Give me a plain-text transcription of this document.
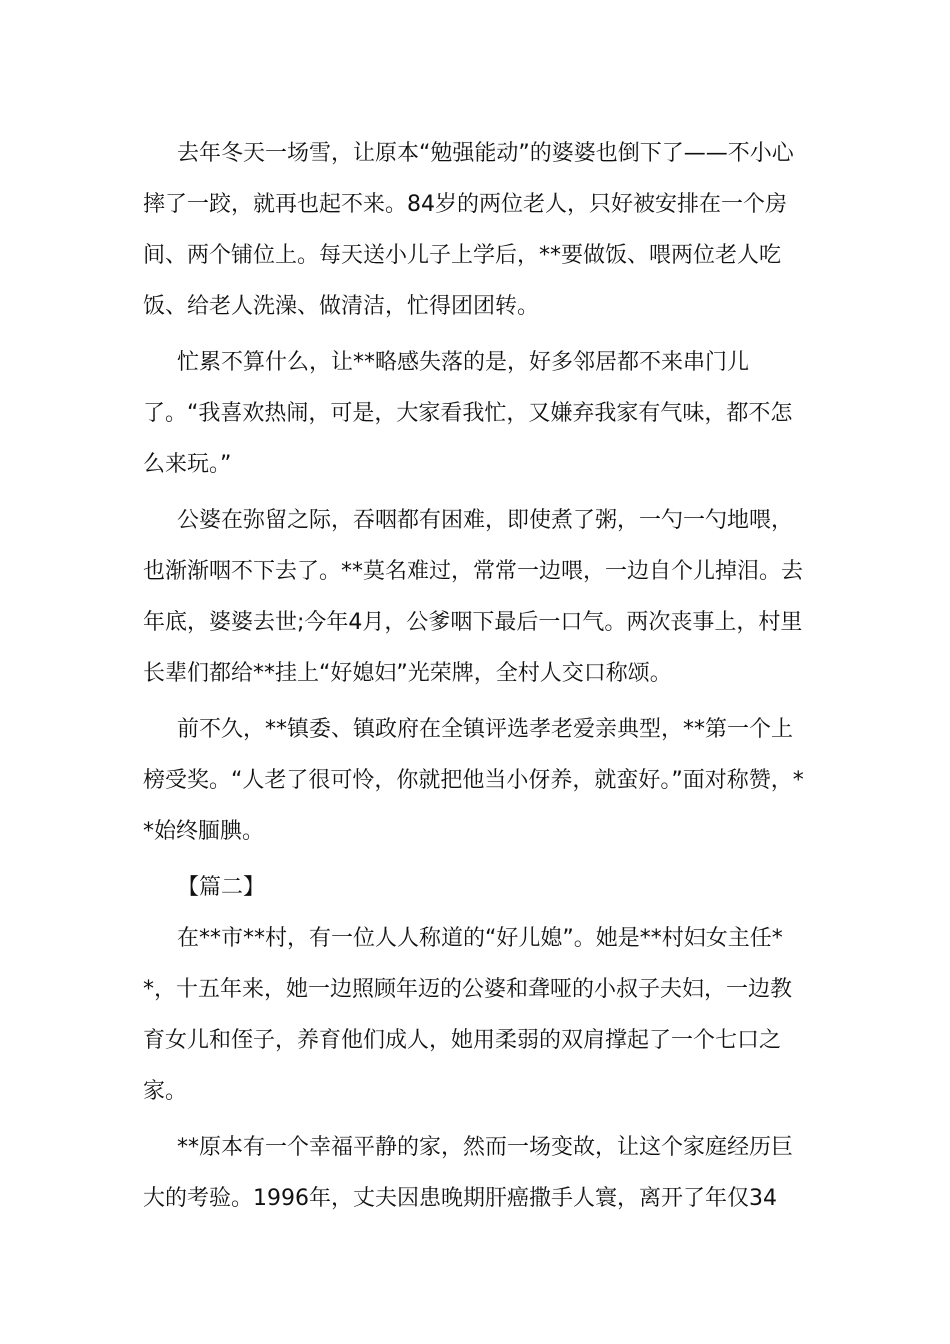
去年冬天一场雪，让原本“勉强能动”的婆婆也倒下了——不小心摔了一跤，就再也起不来。84岁的两位老人，只好被安排在一个房间、两个铺位上。每天送小儿子上学后，**要做饭、喂两位老人吃饭、给老人洗澡、做清洁，忙得团团转。

忙累不算什么，让**略感失落的是，好多邻居都不来串门儿了。“我喜欢热闹，可是，大家看我忙，又嫌弃我家有气味，都不怎么来玩。”

公婆在弥留之际，吞咽都有困难，即使煮了粥，一勺一勺地喂，也渐渐咽不下去了。**莫名难过，常常一边喂，一边自个儿掉泪。去年底，婆婆去世;今年4月，公爹咽下最后一口气。两次丧事上，村里长辈们都给**挂上“好媳妇”光荣牌，全村人交口称颂。

前不久，**镇委、镇政府在全镇评选孝老爱亲典型，**第一个上榜受奖。“人老了很可怜，你就把他当小伢养，就蛮好。”面对称赞，**始终腼腆。

【篇二】

在**市**村，有一位人人称道的“好儿媳”。她是**村妇女主任**，十五年来，她一边照顾年迈的公婆和聋哑的小叔子夫妇，一边教育女儿和侄子，养育他们成人，她用柔弱的双肩撑起了一个七口之家。

**原本有一个幸福平静的家，然而一场变故，让这个家庭经历巨大的考验。1996年，丈夫因患晚期肝癌撒手人寰，离开了年仅34
